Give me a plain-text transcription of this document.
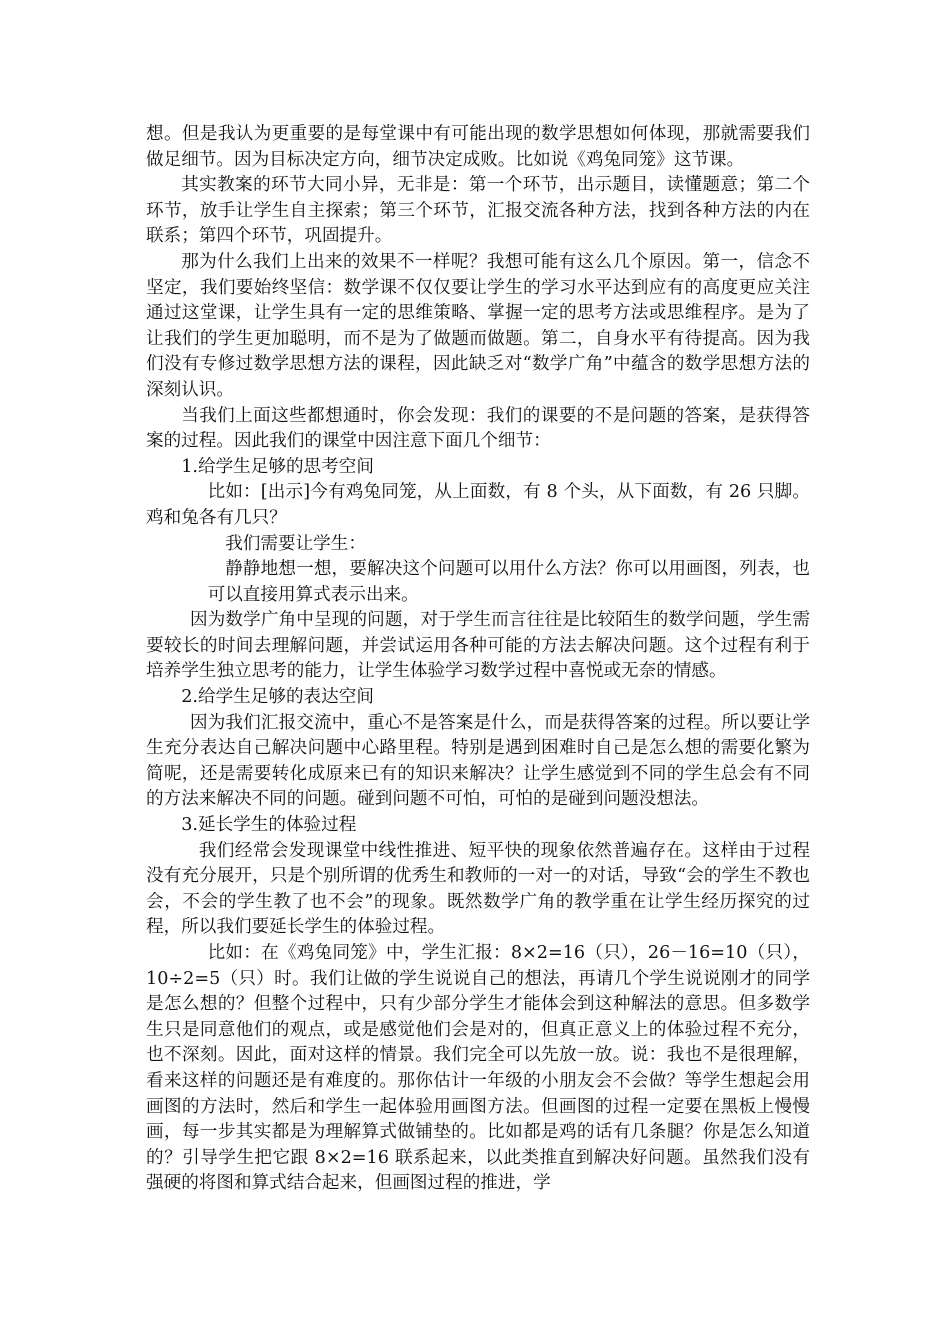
想。但是我认为更重要的是每堂课中有可能出现的数学思想如何体现，那就需要我们做足细节。因为目标决定方向，细节决定成败。比如说《鸡兔同笼》这节课。

其实教案的环节大同小异，无非是：第一个环节，出示题目，读懂题意；第二个环节，放手让学生自主探索；第三个环节，汇报交流各种方法，找到各种方法的内在联系；第四个环节，巩固提升。

那为什么我们上出来的效果不一样呢？我想可能有这么几个原因。第一，信念不坚定，我们要始终坚信：数学课不仅仅要让学生的学习水平达到应有的高度更应关注通过这堂课，让学生具有一定的思维策略、掌握一定的思考方法或思维程序。是为了让我们的学生更加聪明，而不是为了做题而做题。第二，自身水平有待提高。因为我们没有专修过数学思想方法的课程，因此缺乏对“数学广角”中蕴含的数学思想方法的深刻认识。

当我们上面这些都想通时，你会发现：我们的课要的不是问题的答案，是获得答案的过程。因此我们的课堂中因注意下面几个细节：

1.给学生足够的思考空间

比如：[出示]今有鸡兔同笼，从上面数，有 8 个头，从下面数，有 26 只脚。鸡和兔各有几只？

我们需要让学生：

静静地想一想，要解决这个问题可以用什么方法？你可以用画图，列表，也可以直接用算式表示出来。

因为数学广角中呈现的问题，对于学生而言往往是比较陌生的数学问题，学生需要较长的时间去理解问题，并尝试运用各种可能的方法去解决问题。这个过程有利于培养学生独立思考的能力，让学生体验学习数学过程中喜悦或无奈的情感。

2.给学生足够的表达空间

因为我们汇报交流中，重心不是答案是什么，而是获得答案的过程。所以要让学生充分表达自己解决问题中心路里程。特别是遇到困难时自己是怎么想的需要化繁为简呢，还是需要转化成原来已有的知识来解决？让学生感觉到不同的学生总会有不同的方法来解决不同的问题。碰到问题不可怕，可怕的是碰到问题没想法。

3.延长学生的体验过程

我们经常会发现课堂中线性推进、短平快的现象依然普遍存在。这样由于过程没有充分展开，只是个别所谓的优秀生和教师的一对一的对话，导致“会的学生不教也会，不会的学生教了也不会”的现象。既然数学广角的教学重在让学生经历探究的过程，所以我们要延长学生的体验过程。

比如：在《鸡兔同笼》中，学生汇报：8×2=16（只），26－16=10（只），10÷2=5（只）时。我们让做的学生说说自己的想法，再请几个学生说说刚才的同学是怎么想的？但整个过程中，只有少部分学生才能体会到这种解法的意思。但多数学生只是同意他们的观点，或是感觉他们会是对的，但真正意义上的体验过程不充分，也不深刻。因此，面对这样的情景。我们完全可以先放一放。说：我也不是很理解，看来这样的问题还是有难度的。那你估计一年级的小朋友会不会做？等学生想起会用画图的方法时，然后和学生一起体验用画图方法。但画图的过程一定要在黑板上慢慢画，每一步其实都是为理解算式做铺垫的。比如都是鸡的话有几条腿？你是怎么知道的？引导学生把它跟 8×2=16 联系起来，以此类推直到解决好问题。虽然我们没有强硬的将图和算式结合起来，但画图过程的推进，学
